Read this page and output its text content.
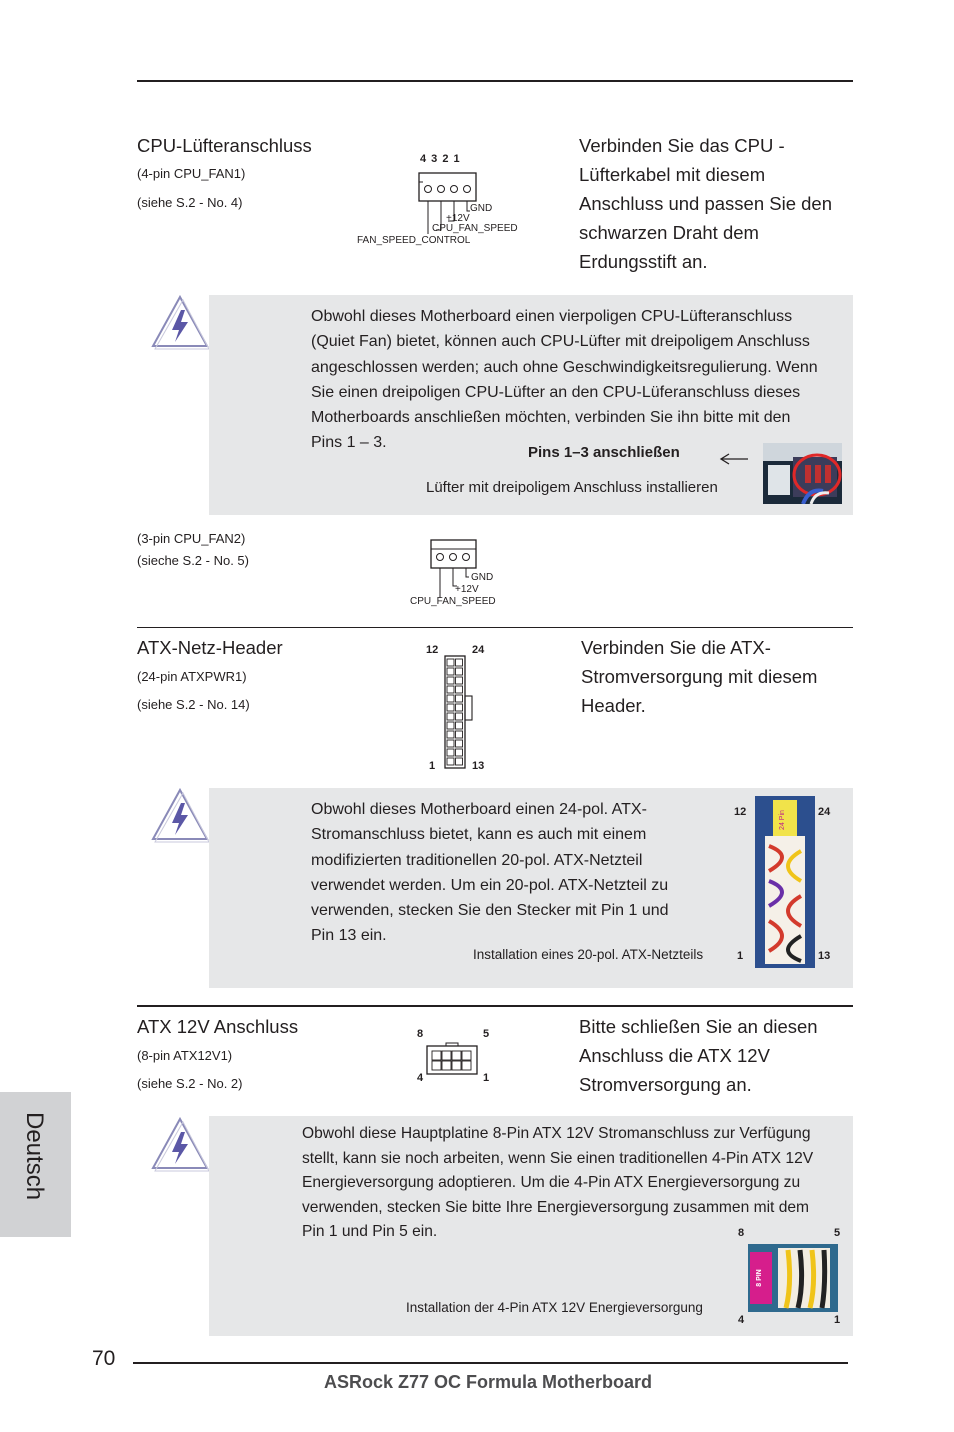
CPU-Lüfteranschluss
(4-pin CPU_FAN1)
(siehe S.2 - No. 4)
4 3 2 1
GND
+12V
CPU_FAN_SPEED
FAN_SPEED_CONTROL
Verbinden Sie das CPU -
Lüfterkabel mit diesem
Anschluss und passen Sie den
schwarzen Draht dem
Erdungsstift an.
Obwohl dieses Motherboard einen vierpoligen CPU-Lüfteranschluss
(Quiet Fan) bietet, können auch CPU-Lüfter mit dreipoligem Anschluss
angeschlossen werden; auch ohne Geschwindigkeitsregulierung. Wenn
Sie einen dreipoligen CPU-Lüfter an den CPU-Lüferanschluss dieses
Motherboards anschließen möchten, verbinden Sie ihn bitte mit den
Pins 1 – 3.
Pins 1–3 anschließen
Lüfter mit dreipoligem Anschluss installieren
(3-pin CPU_FAN2)
(sieche S.2 - No. 5)
GND
+12V
CPU_FAN_SPEED
ATX-Netz-Header
(24-pin ATXPWR1)
(siehe S.2 - No. 14)
12	24
1	13
Verbinden Sie die ATX-
Stromversorgung mit diesem
Header.
Obwohl dieses Motherboard einen 24-pol. ATX-
Stromanschluss bietet, kann es auch mit einem
modifizierten traditionellen 20-pol. ATX-Netzteil
verwendet werden. Um ein 20-pol. ATX-Netzteil zu
verwenden, stecken Sie den Stecker mit Pin 1 und
Pin 13 ein.
Installation eines 20-pol. ATX-Netzteils
12	24
1	13
24 Pin
ATX 12V Anschluss
(8-pin ATX12V1)
(siehe S.2 - No. 2)
8	5
4	1
Bitte schließen Sie an diesen
Anschluss die ATX 12V
Stromversorgung an.
Obwohl diese Hauptplatine 8-Pin ATX 12V Stromanschluss zur Verfügung
stellt, kann sie noch arbeiten, wenn Sie einen traditionellen 4-Pin ATX 12V
Energieversorgung adoptieren. Um die 4-Pin ATX Energieversorgung zu
verwenden, stecken Sie bitte Ihre Energieversorgung zusammen mit dem
Pin 1 und Pin 5 ein.
Installation der 4-Pin ATX 12V Energieversorgung
8	5
4	1
8 PIN
Deutsch
70
ASRock Z77 OC Formula Motherboard
